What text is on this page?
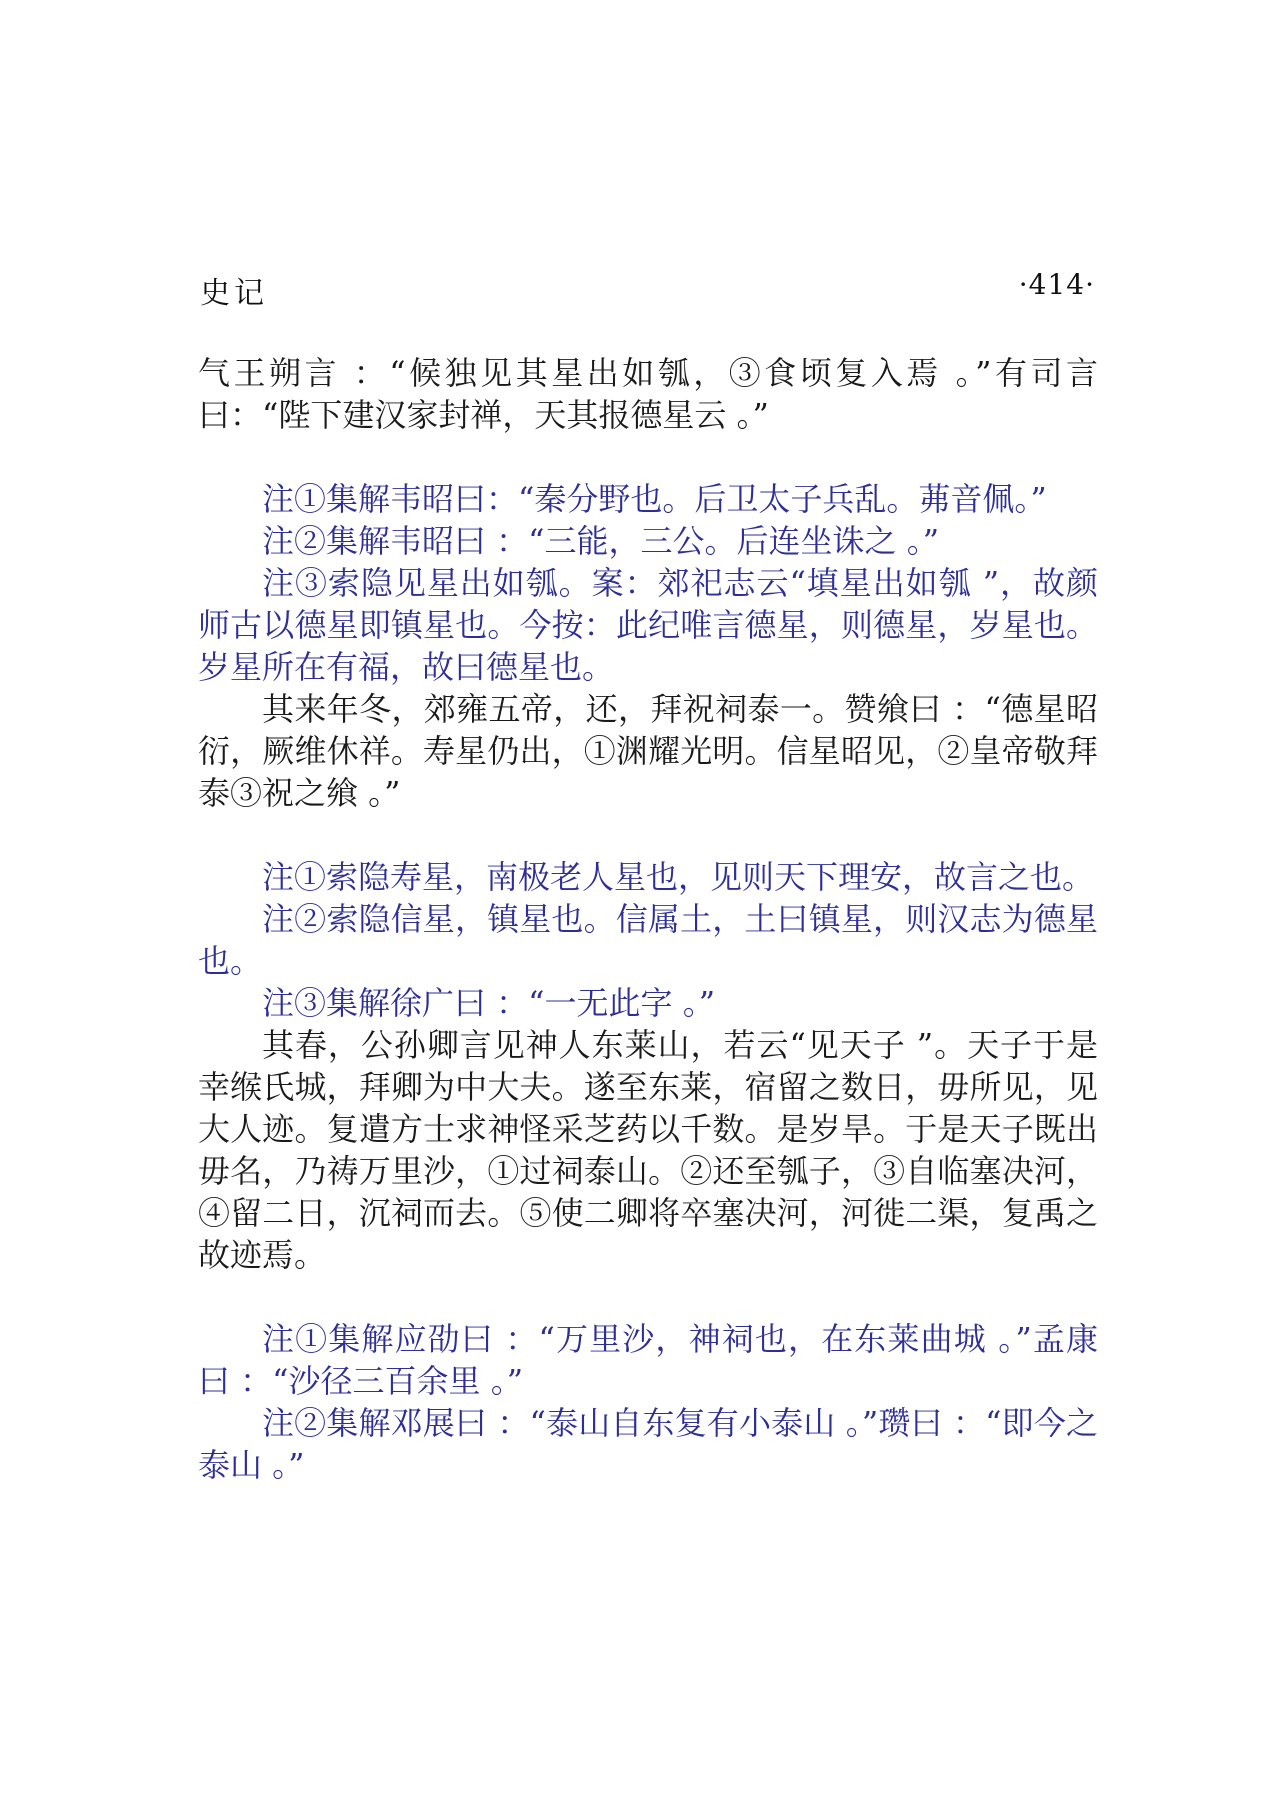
史记	·414·

气王朔言 ：“候独见其星出如瓠，③食顷复入焉 。”有司言曰：“陛下建汉家封禅，天其报德星云 。”

注①集解韦昭曰：“秦分野也。后卫太子兵乱。茀音佩。”

注②集解韦昭曰 ：“三能，三公。后连坐诛之 。”

注③索隐见星出如瓠。案：郊祀志云“填星出如瓠 ”，故颜师古以德星即镇星也。今按：此纪唯言德星，则德星，岁星也。岁星所在有福，故曰德星也。

其来年冬，郊雍五帝，还，拜祝祠泰一。赞飨曰 ：“德星昭衍，厥维休祥。寿星仍出，①渊耀光明。信星昭见，②皇帝敬拜泰③祝之飨 。”

注①索隐寿星，南极老人星也，见则天下理安，故言之也。

注②索隐信星，镇星也。信属土，土曰镇星，则汉志为德星也。

注③集解徐广曰 ：“一无此字 。”

其春，公孙卿言见神人东莱山，若云“见天子 ”。天子于是幸缑氏城，拜卿为中大夫。遂至东莱，宿留之数日，毋所见，见大人迹。复遣方士求神怪采芝药以千数。是岁旱。于是天子既出毋名，乃祷万里沙，①过祠泰山。②还至瓠子，③自临塞决河，④留二日，沉祠而去。⑤使二卿将卒塞决河，河徙二渠，复禹之故迹焉。

注①集解应劭曰 ：“万里沙，神祠也，在东莱曲城 。”孟康曰 ：“沙径三百余里 。”

注②集解邓展曰 ：“泰山自东复有小泰山 。”瓒曰 ：“即今之泰山 。”
